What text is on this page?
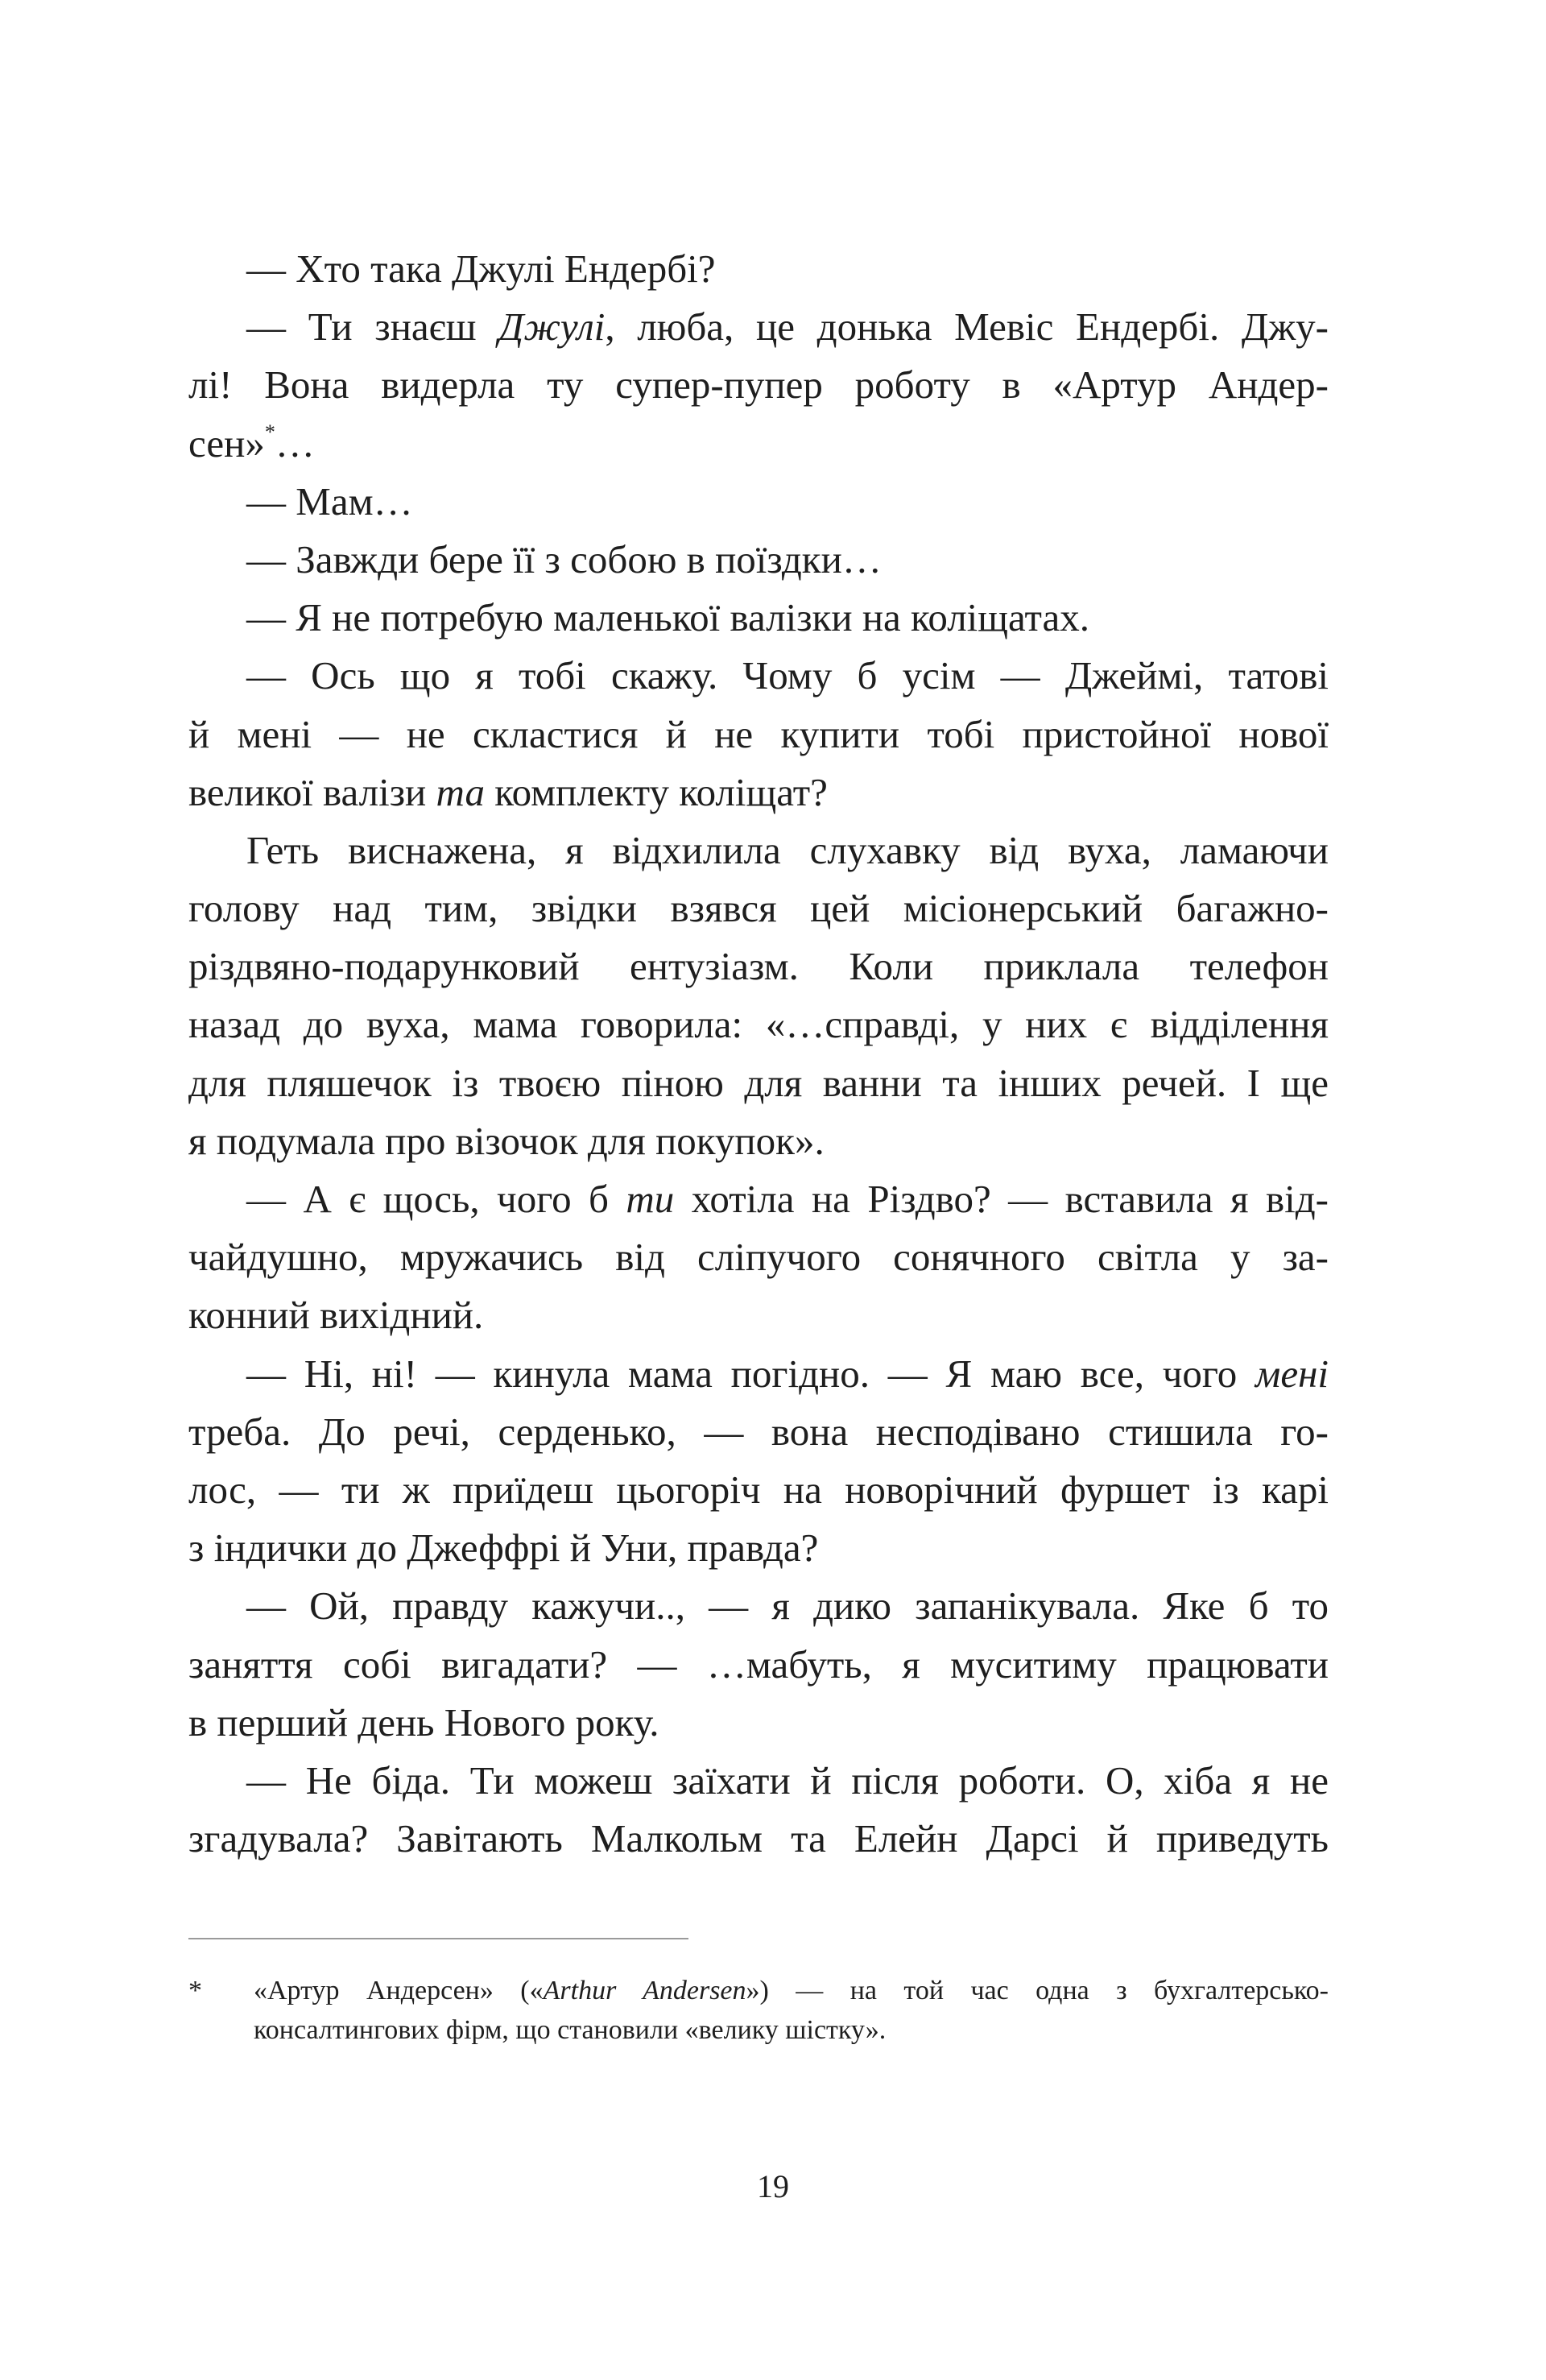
— Хто така Джулі Ендербі?
— Ти знаєш Джулі, люба, це донька Мевіс Ендербі. Джу-
лі! Вона видерла ту супер-пупер роботу в «Артур Андер-
сен»*…
— Мам…
— Завжди бере її з собою в поїздки…
— Я не потребую маленької валізки на коліщатах.
— Ось що я тобі скажу. Чому б усім — Джеймі, татові
й мені — не скластися й не купити тобі пристойної нової
великої валізи та комплекту коліщат?
Геть виснажена, я відхилила слухавку від вуха, ламаючи
голову над тим, звідки взявся цей місіонерський багажно-
різдвяно-подарунковий ентузіазм. Коли приклала телефон
назад до вуха, мама говорила: «…справді, у них є відділення
для пляшечок із твоєю піною для ванни та інших речей. І ще
я подумала про візочок для покупок».
— А є щось, чого б ти хотіла на Різдво? — вставила я від-
чайдушно, мружачись від сліпучого сонячного світла у за-
конний вихідний.
— Ні, ні! — кинула мама погідно. — Я маю все, чого мені
треба. До речі, серденько, — вона несподівано стишила го-
лос, — ти ж приїдеш цьогоріч на новорічний фуршет із карі
з індички до Джеффрі й Уни, правда?
— Ой, правду кажучи.., — я дико запанікувала. Яке б то
заняття собі вигадати? — …мабуть, я муситиму працювати
в перший день Нового року.
— Не біда. Ти можеш заїхати й після роботи. О, хіба я не
згадувала? Завітають Малкольм та Елейн Дарсі й приведуть
* «Артур Андерсен» («Arthur Andersen») — на той час одна з бухгалтерсько-
консалтингових фірм, що становили «велику шістку».
19
